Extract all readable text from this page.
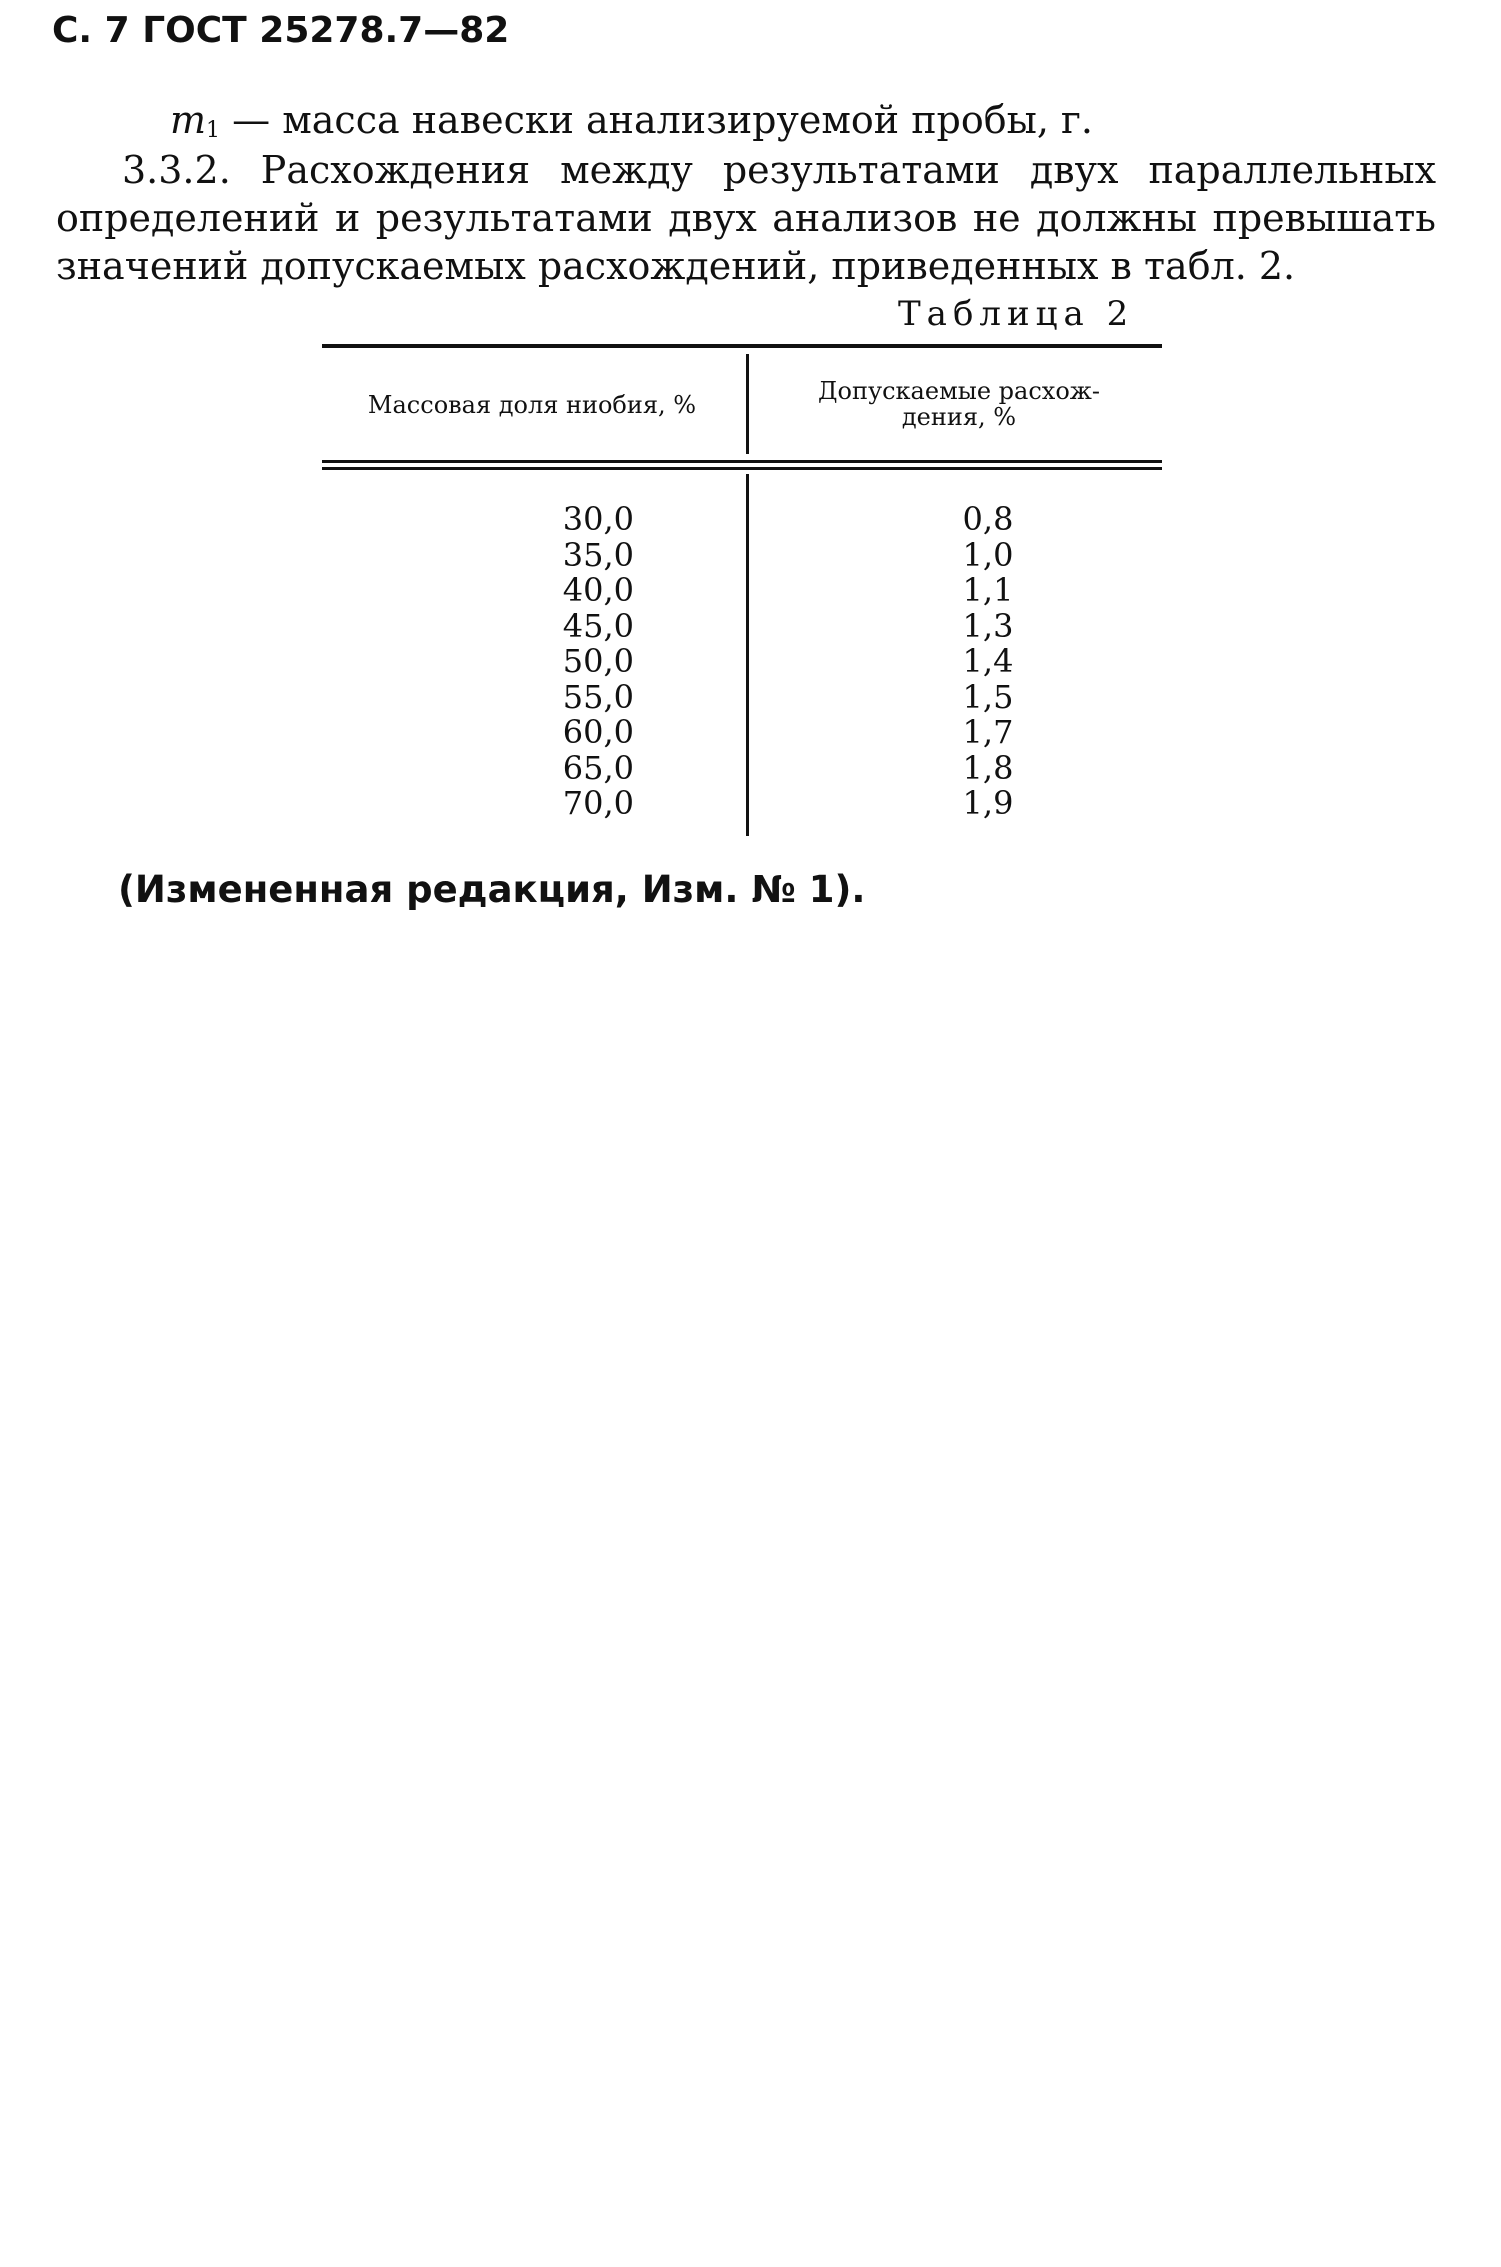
С. 7 ГОСТ 25278.7—82
$m_1$ — масса навески анализируемой пробы, г.
3.3.2. Расхождения между результатами двух параллельных
определений и результатами двух анализов не должны превышать
значений допускаемых расхождений, приведенных в табл. 2.
Таблица 2
Массовая доля ниобия, %	Допускаемые расхож-
дения, %
30,0
35,0
40,0
45,0
50,0
55,0
60,0
65,0
70,0
0,8
1,0
1,1
1,3
1,4
1,5
1,7
1,8
1,9
(Измененная редакция, Изм. № 1).
